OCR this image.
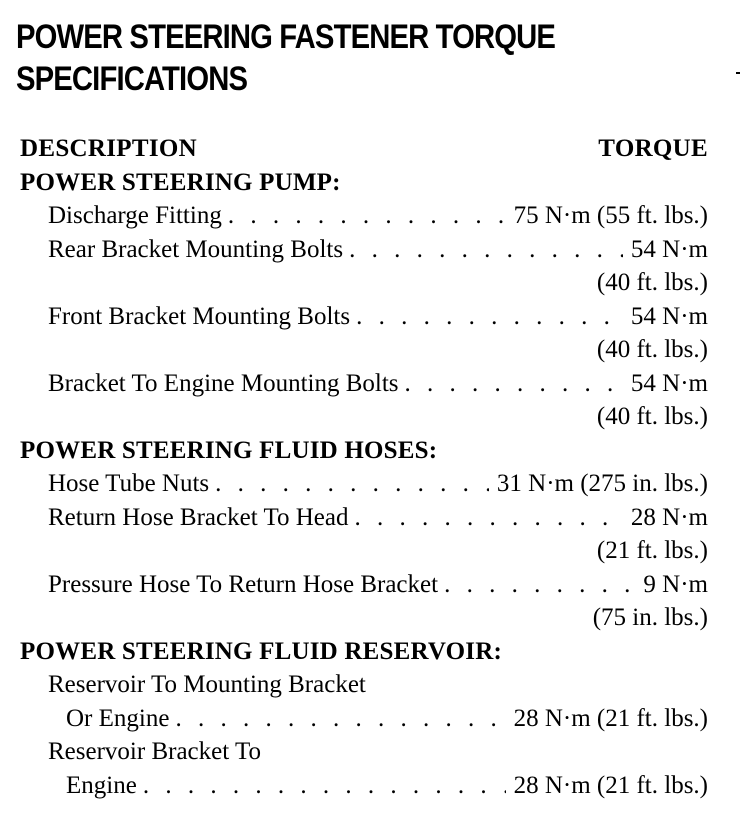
POWER STEERING FASTENER TORQUE
SPECIFICATIONS
DESCRIPTION	TORQUE
POWER STEERING PUMP:
Discharge Fitting . . .	75 N·m (55 ft. lbs.)
Rear Bracket Mounting Bolts . . .	54 N·m
(40 ft. lbs.)
Front Bracket Mounting Bolts . . .	54 N·m
(40 ft. lbs.)
Bracket To Engine Mounting Bolts . . .	54 N·m
(40 ft. lbs.)
POWER STEERING FLUID HOSES:
Hose Tube Nuts . . .	31 N·m (275 in. lbs.)
Return Hose Bracket To Head . . .	28 N·m
(21 ft. lbs.)
Pressure Hose To Return Hose Bracket . . .	9 N·m
(75 in. lbs.)
POWER STEERING FLUID RESERVOIR:
Reservoir To Mounting Bracket
Or Engine . . .	28 N·m (21 ft. lbs.)
Reservoir Bracket To
Engine . . .	28 N·m (21 ft. lbs.)
